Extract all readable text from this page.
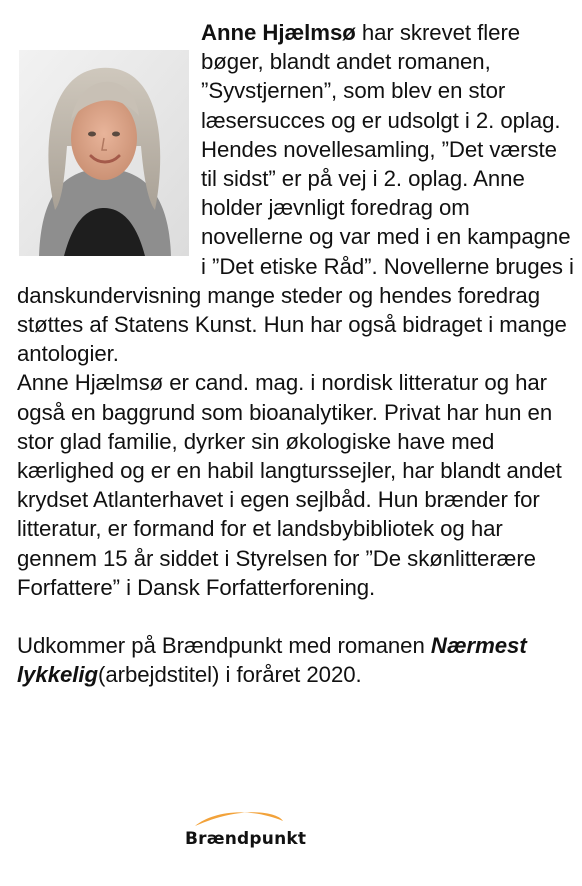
Anne Hjælmsø har skrevet flere bøger, blandt andet romanen, ”Syvstjernen”, som blev en stor læsersucces og er udsolgt i 2. oplag. Hendes novellesamling, ”Det værste til sidst” er på vej i 2. oplag. Anne holder jævnligt foredrag om novellerne og var med i en kampagne i ”Det etiske Råd”. Novellerne bruges i danskundervisning mange steder og hendes foredrag støttes af Statens Kunst. Hun har også bidraget i mange antologier.

Anne Hjælmsø er cand. mag. i nordisk litteratur og har også en baggrund som bioanalytiker. Privat har hun en stor glad familie, dyrker sin økologiske have med kærlighed og er en habil langturssejler, har blandt andet krydset Atlanterhavet i egen sejlbåd. Hun brænder for litteratur, er formand for et landsbybibliotek og har gennem 15 år siddet i Styrelsen for ”De skønlitterære Forfattere” i Dansk Forfatterforening.

Udkommer på Brændpunkt med romanen Nærmest lykkelig(arbejdstitel) i foråret 2020.

Brændpunkt
